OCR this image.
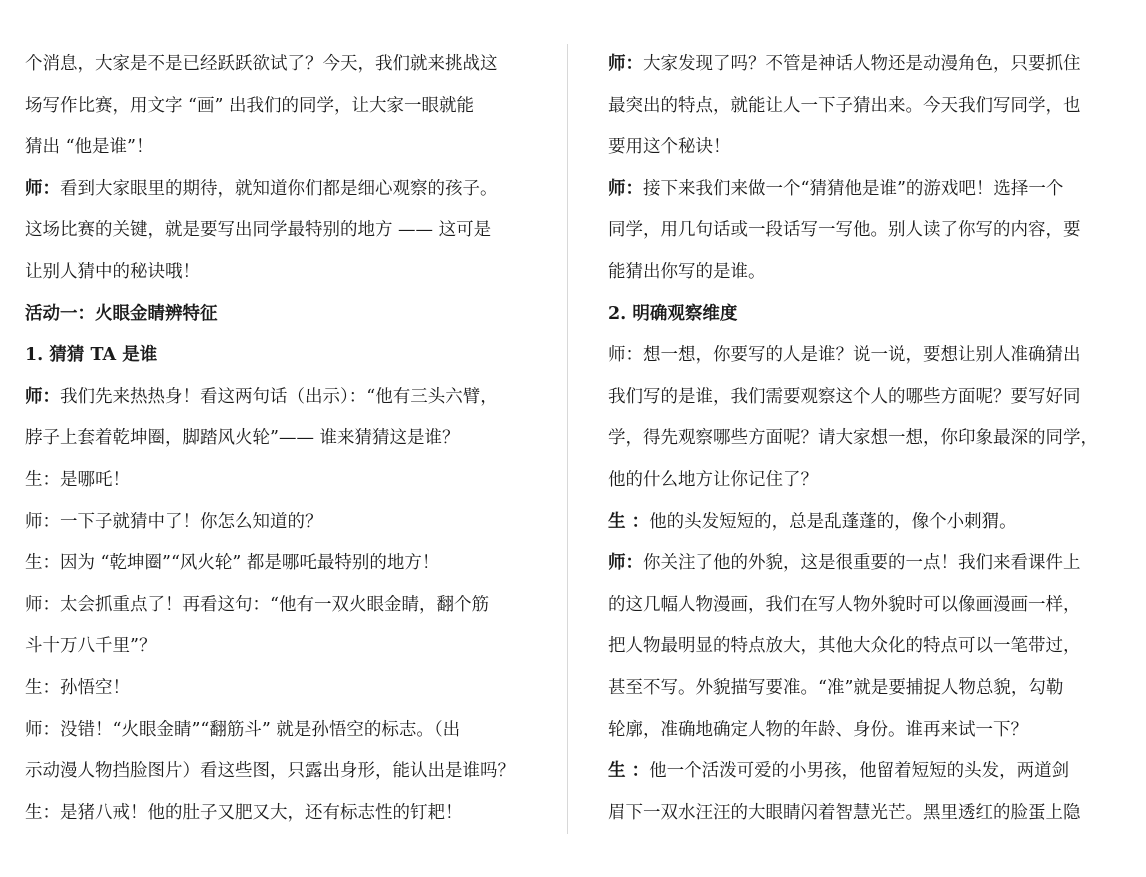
个消息，大家是不是已经跃跃欲试了？今天，我们就来挑战这
场写作比赛，用文字 “画” 出我们的同学，让大家一眼就能
猜出 “他是谁”！
师：看到大家眼里的期待，就知道你们都是细心观察的孩子。
这场比赛的关键，就是要写出同学最特别的地方 —— 这可是
让别人猜中的秘诀哦！
活动一：火眼金睛辨特征
1. 猜猜 TA 是谁
师：我们先来热热身！看这两句话（出示）：“他有三头六臂，
脖子上套着乾坤圈，脚踏风火轮”—— 谁来猜猜这是谁？
生：是哪吒！
师：一下子就猜中了！你怎么知道的？
生：因为 “乾坤圈”“风火轮” 都是哪吒最特别的地方！
师：太会抓重点了！再看这句：“他有一双火眼金睛，翻个筋
斗十万八千里”？
生：孙悟空！
师：没错！“火眼金睛”“翻筋斗” 就是孙悟空的标志。（出
示动漫人物挡脸图片）看这些图，只露出身形，能认出是谁吗？
生：是猪八戒！他的肚子又肥又大，还有标志性的钉耙！
师：大家发现了吗？不管是神话人物还是动漫角色，只要抓住
最突出的特点，就能让人一下子猜出来。今天我们写同学，也
要用这个秘诀！
师：接下来我们来做一个“猜猜他是谁”的游戏吧！选择一个
同学，用几句话或一段话写一写他。别人读了你写的内容，要
能猜出你写的是谁。
2. 明确观察维度
师：想一想，你要写的人是谁？说一说，要想让别人准确猜出
我们写的是谁，我们需要观察这个人的哪些方面呢？要写好同
学，得先观察哪些方面呢？请大家想一想，你印象最深的同学，
他的什么地方让你记住了？
生 ：他的头发短短的，总是乱蓬蓬的，像个小刺猬。
师：你关注了他的外貌，这是很重要的一点！我们来看课件上
的这几幅人物漫画，我们在写人物外貌时可以像画漫画一样，
把人物最明显的特点放大，其他大众化的特点可以一笔带过，
甚至不写。外貌描写要准。“准”就是要捕捉人物总貌，勾勒
轮廓，准确地确定人物的年龄、身份。谁再来试一下？
生 ：他一个活泼可爱的小男孩，他留着短短的头发，两道剑
眉下一双水汪汪的大眼睛闪着智慧光芒。黑里透红的脸蛋上隐
